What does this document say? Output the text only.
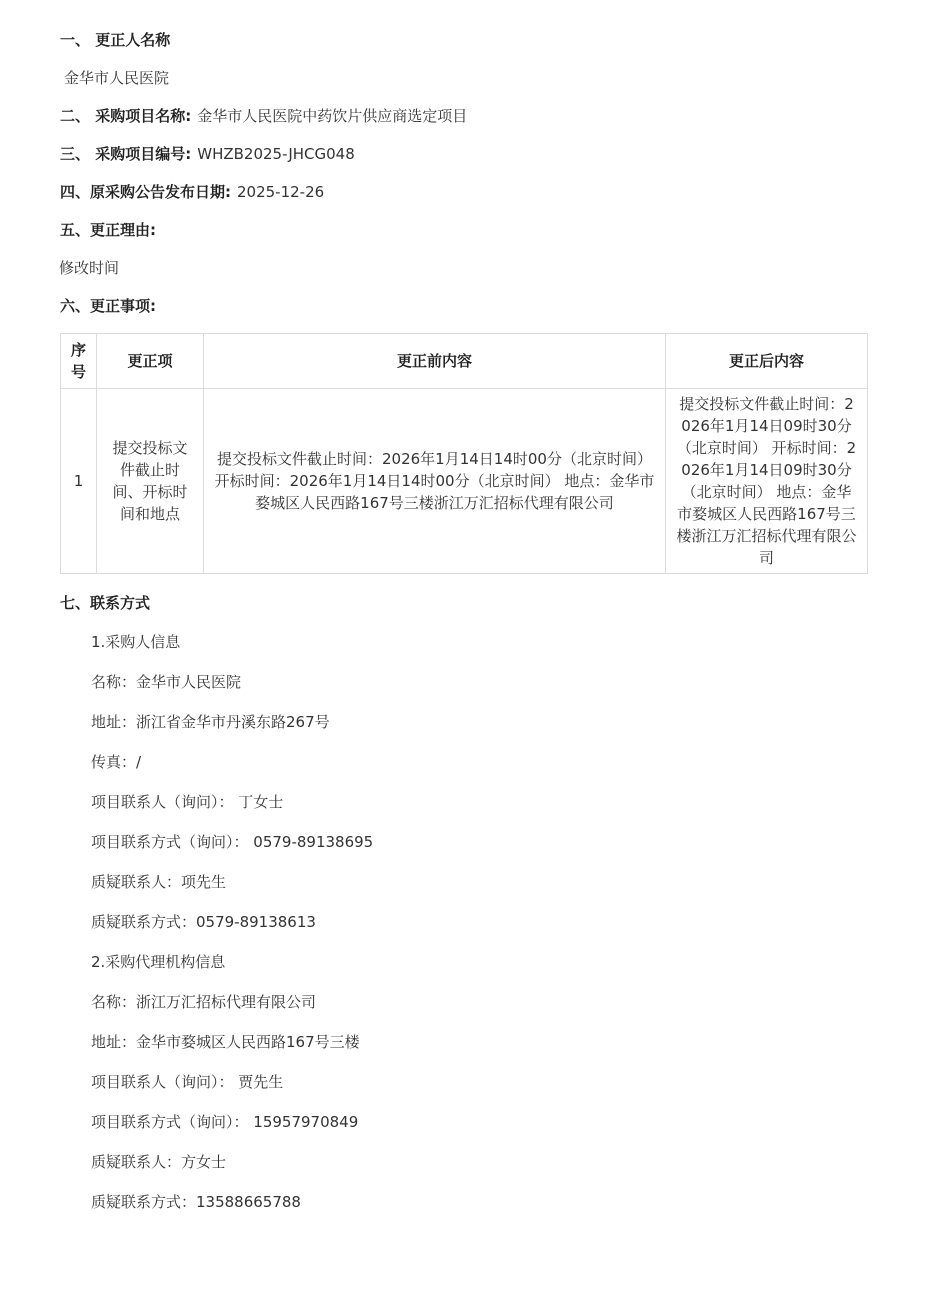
一、 更正人名称
金华市人民医院
二、 采购项目名称: 金华市人民医院中药饮片供应商选定项目
三、 采购项目编号: WHZB2025-JHCG048
四、原采购公告发布日期: 2025-12-26
五、更正理由:
修改时间
六、更正事项:
序号	更正项	更正前内容	更正后内容
1	提交投标文件截止时间、开标时间和地点	提交投标文件截止时间：2026年1月14日14时00分（北京时间） 开标时间：2026年1月14日14时00分（北京时间） 地点：金华市婺城区人民西路167号三楼浙江万汇招标代理有限公司	提交投标文件截止时间：2026年1月14日09时30分（北京时间） 开标时间：2026年1月14日09时30分（北京时间） 地点：金华市婺城区人民西路167号三楼浙江万汇招标代理有限公司
七、联系方式
1.采购人信息
名称：金华市人民医院
地址：浙江省金华市丹溪东路267号
传真：/
项目联系人（询问）： 丁女士
项目联系方式（询问）： 0579-89138695
质疑联系人：项先生
质疑联系方式：0579-89138613
2.采购代理机构信息
名称：浙江万汇招标代理有限公司
地址：金华市婺城区人民西路167号三楼
项目联系人（询问）： 贾先生
项目联系方式（询问）： 15957970849
质疑联系人：方女士
质疑联系方式：13588665788
